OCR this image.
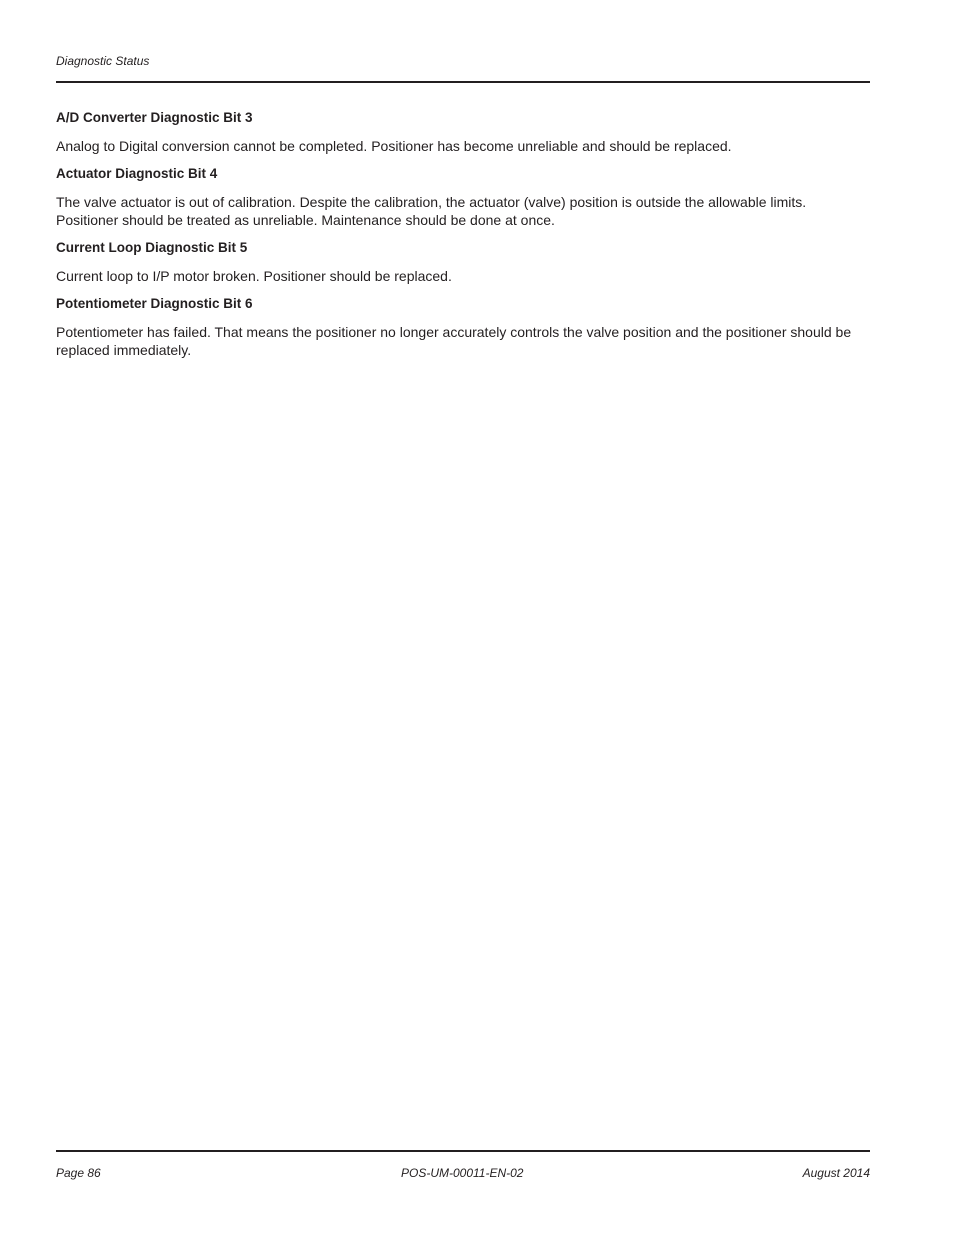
Diagnostic Status

A/D Converter Diagnostic Bit 3

Analog to Digital conversion cannot be completed. Positioner has become unreliable and should be replaced.

Actuator Diagnostic Bit 4

The valve actuator is out of calibration. Despite the calibration, the actuator (valve) position is outside the allowable limits. Positioner should be treated as unreliable. Maintenance should be done at once.

Current Loop Diagnostic Bit 5

Current loop to I/P motor broken. Positioner should be replaced.

Potentiometer Diagnostic Bit 6

Potentiometer has failed. That means the positioner no longer accurately controls the valve position and the positioner should be replaced immediately.

Page 86	POS-UM-00011-EN-02	August 2014
